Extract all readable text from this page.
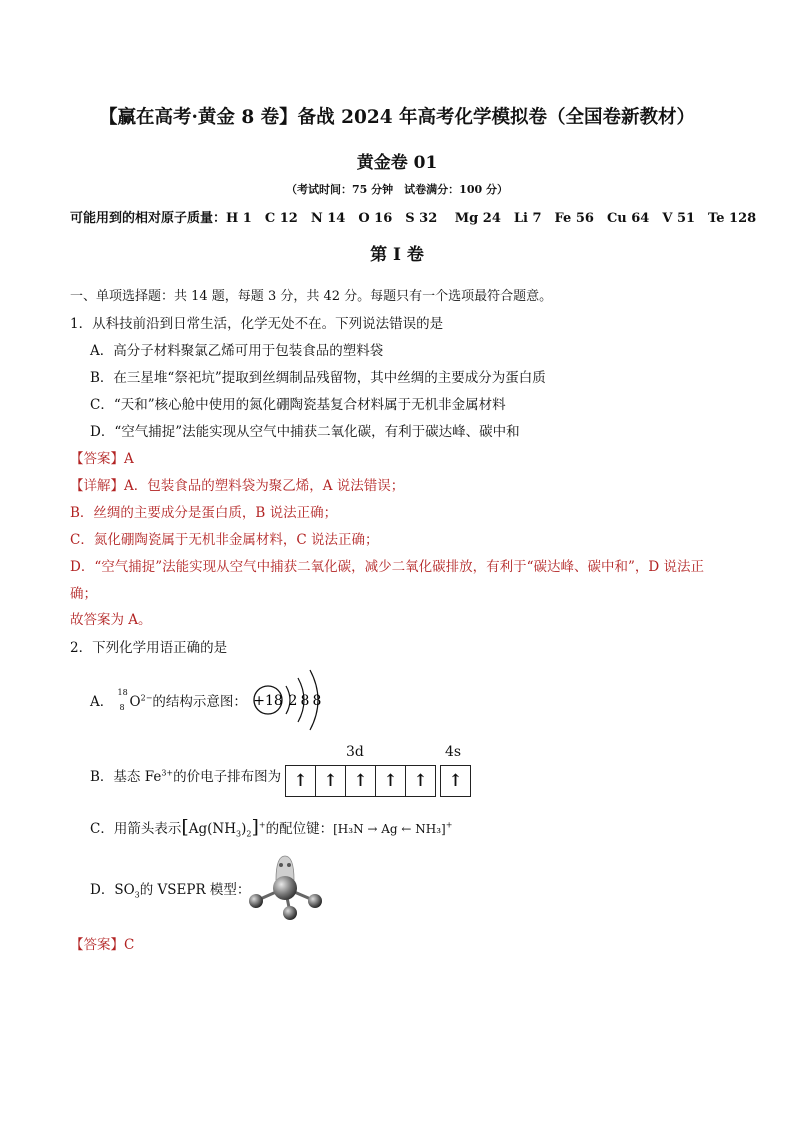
【赢在高考·黄金 8 卷】备战 2024 年高考化学模拟卷（全国卷新教材）
黄金卷 01
（考试时间：75 分钟　试卷满分：100 分）
可能用到的相对原子质量：H 1　C 12　N 14　O 16　S 32　 Mg 24　Li 7　Fe 56　Cu 64　V 51　Te 128
第 I 卷
一、单项选择题：共 14 题，每题 3 分，共 42 分。每题只有一个选项最符合题意。
1．从科技前沿到日常生活，化学无处不在。下列说法错误的是
A．高分子材料聚氯乙烯可用于包装食品的塑料袋
B．在三星堆“祭祀坑”提取到丝绸制品残留物，其中丝绸的主要成分为蛋白质
C．“天和”核心舱中使用的氮化硼陶瓷基复合材料属于无机非金属材料
D．“空气捕捉”法能实现从空气中捕获二氧化碳，有利于碳达峰、碳中和
【答案】A
【详解】A．包装食品的塑料袋为聚乙烯，A 说法错误；
B．丝绸的主要成分是蛋白质，B 说法正确；
C．氮化硼陶瓷属于无机非金属材料，C 说法正确；
D．“空气捕捉”法能实现从空气中捕获二氧化碳，减少二氧化碳排放，有利于“碳达峰、碳中和”，D 说法正
确；
故答案为 A。
2．下列化学用语正确的是
A．
18
8 $O^{2-}$的结构示意图： +18 2 8 8
B．基态 $Fe^{3+}$的价电子排布图为
3d	4s
↑ ↑ ↑ ↑ ↑	↑
C．用箭头表示$[Ag(NH_3)_2]^+$的配位键：[H₃N → Ag ← NH₃]+
D．$SO_3$的 VSEPR 模型：
【答案】C
